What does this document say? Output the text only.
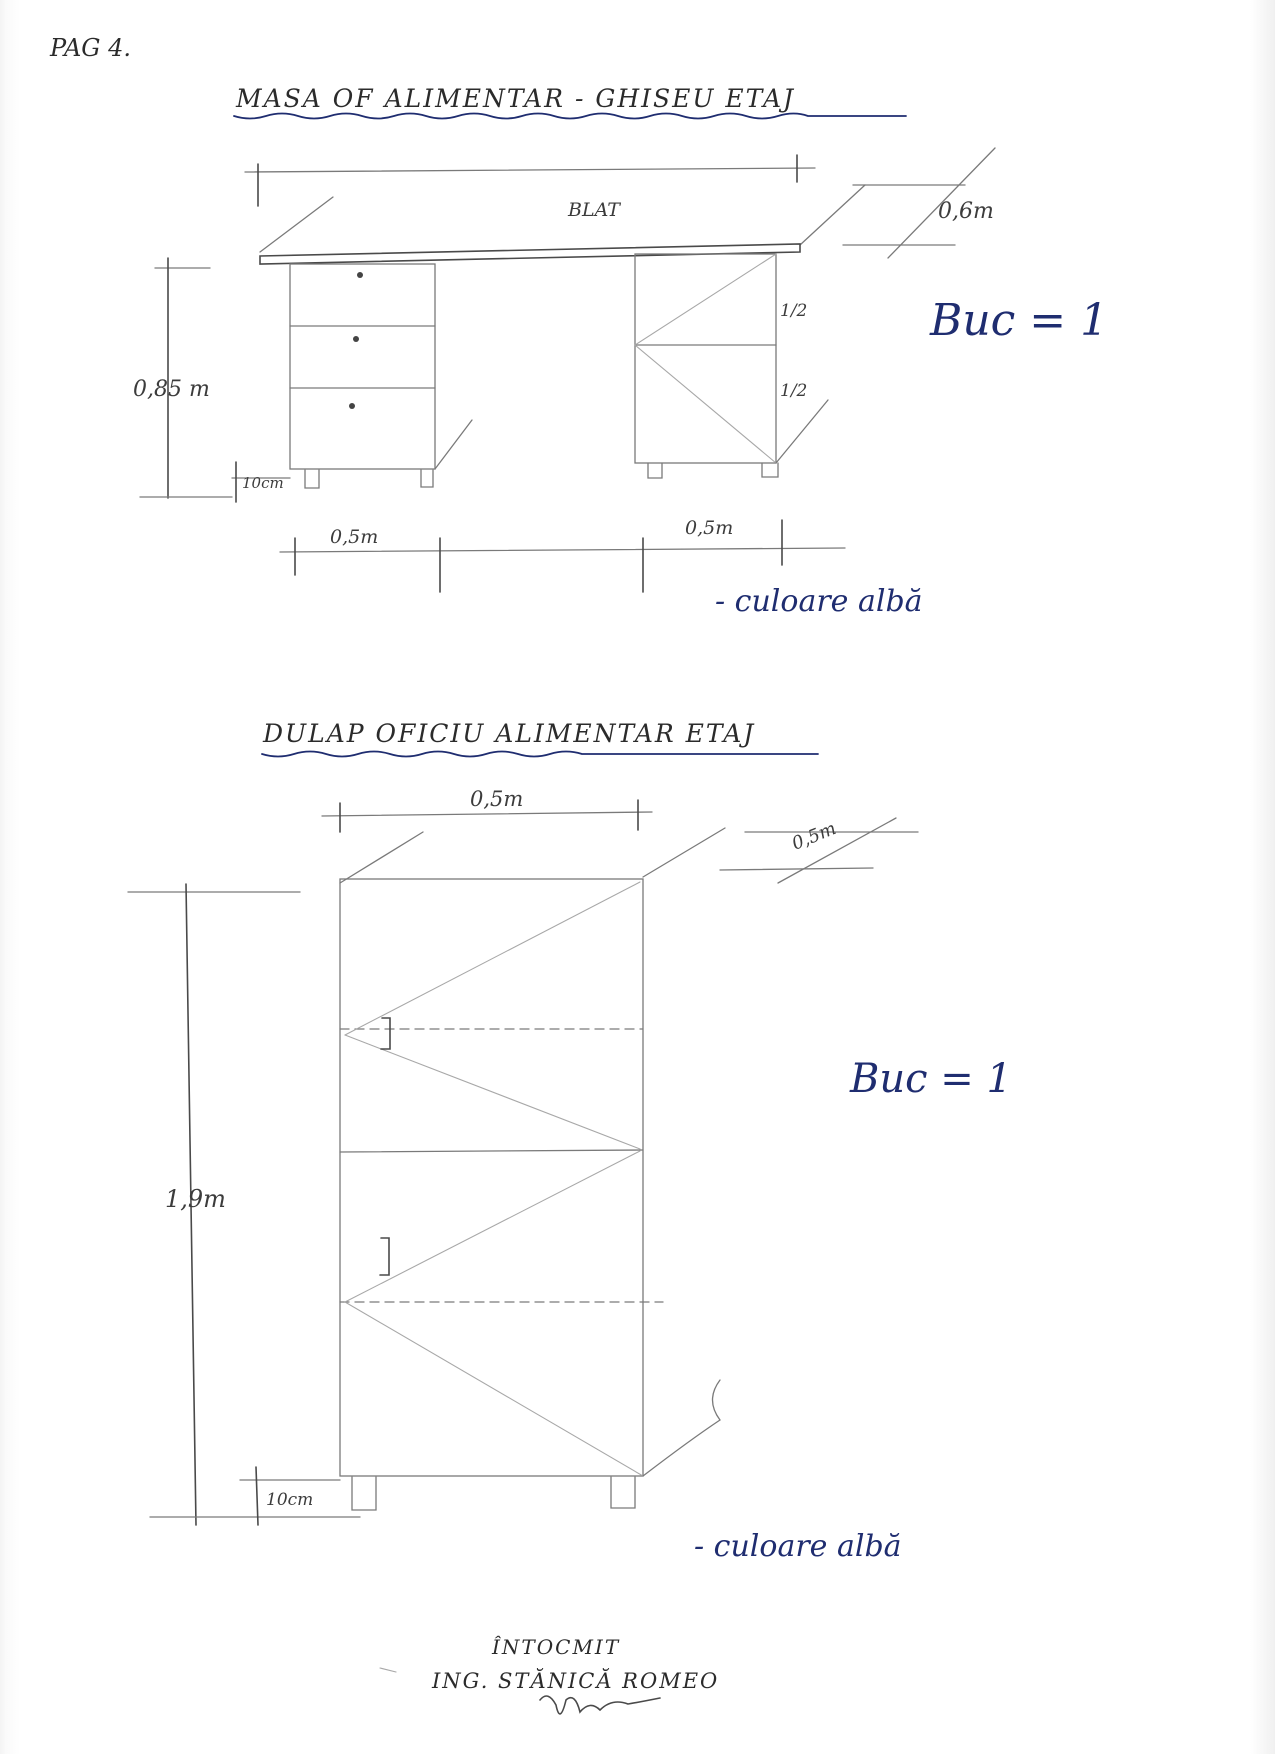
PAG 4.
MASA OF ALIMENTAR - GHISEU ETAJ
BLAT	0,6m
1/2
1/2
0,85 m
10cm
0,5m	0,5m
Buc = 1
- culoare albă
DULAP OFICIU ALIMENTAR ETAJ
0,5m
0,5m
1,9m
10cm
Buc = 1
- culoare albă
ÎNTOCMIT
ING. STĂNICĂ ROMEO
